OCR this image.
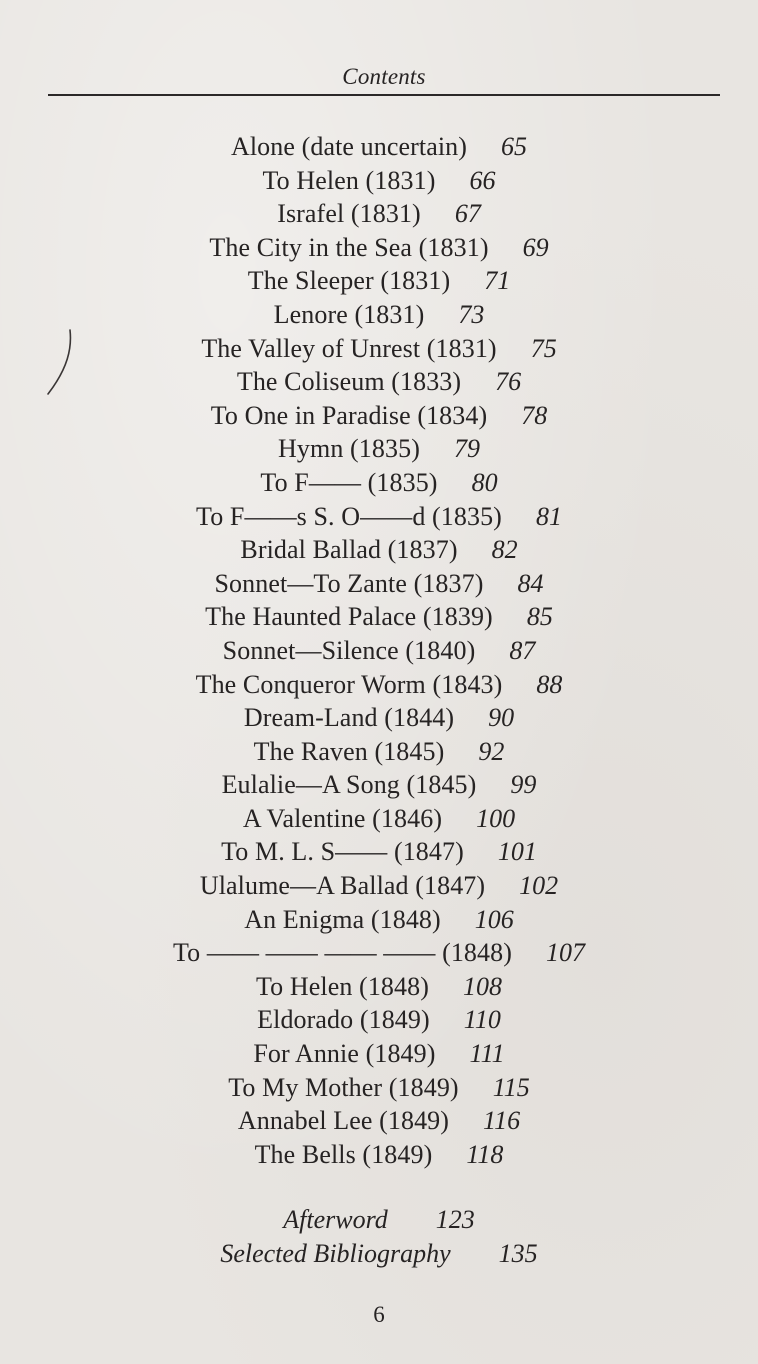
Contents
Alone (date uncertain) 65
To Helen (1831) 66
Israfel (1831) 67
The City in the Sea (1831) 69
The Sleeper (1831) 71
Lenore (1831) 73
The Valley of Unrest (1831) 75
The Coliseum (1833) 76
To One in Paradise (1834) 78
Hymn (1835) 79
To F—— (1835) 80
To F——s S. O——d (1835) 81
Bridal Ballad (1837) 82
Sonnet—To Zante (1837) 84
The Haunted Palace (1839) 85
Sonnet—Silence (1840) 87
The Conqueror Worm (1843) 88
Dream-Land (1844) 90
The Raven (1845) 92
Eulalie—A Song (1845) 99
A Valentine (1846) 100
To M. L. S—— (1847) 101
Ulalume—A Ballad (1847) 102
An Enigma (1848) 106
To —— —— —— —— (1848) 107
To Helen (1848) 108
Eldorado (1849) 110
For Annie (1849) 111
To My Mother (1849) 115
Annabel Lee (1849) 116
The Bells (1849) 118
Afterword 123
Selected Bibliography 135
6
